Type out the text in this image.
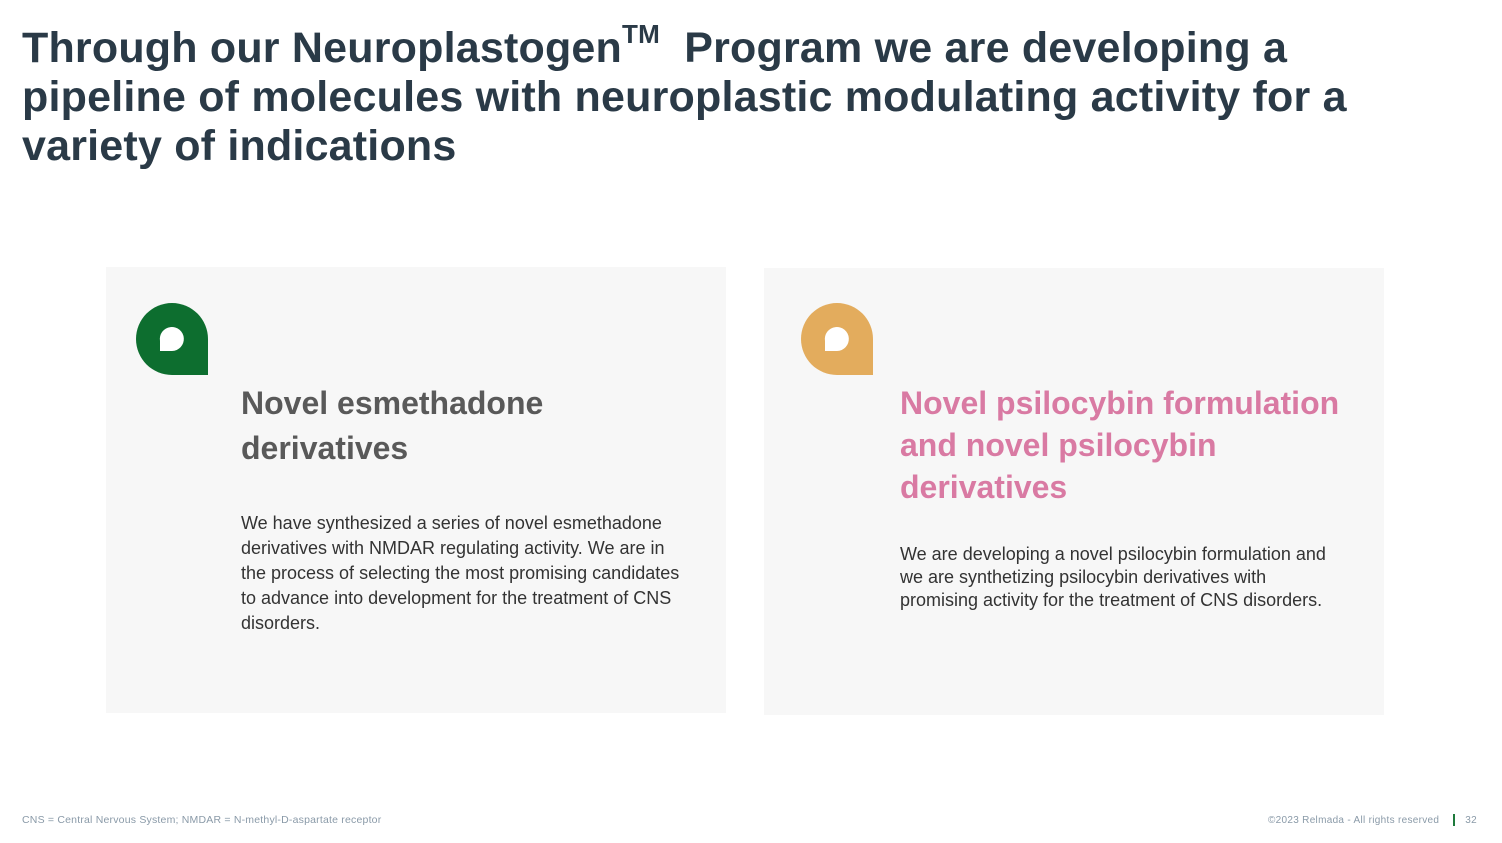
Through our Neuroplastogen™  Program we are developing a pipeline of molecules with neuroplastic modulating activity for a variety of indications
Novel esmethadone derivatives

We have synthesized a series of novel esmethadone derivatives with NMDAR regulating activity. We are in the process of selecting the most promising candidates to advance into development for the treatment of CNS disorders.

Novel psilocybin formulation and novel psilocybin derivatives

We are developing a novel psilocybin formulation and we are synthetizing psilocybin derivatives with promising activity for the treatment of CNS disorders.

CNS = Central Nervous System; NMDAR = N-methyl-D-aspartate receptor	©2023 Relmada - All rights reserved	32
